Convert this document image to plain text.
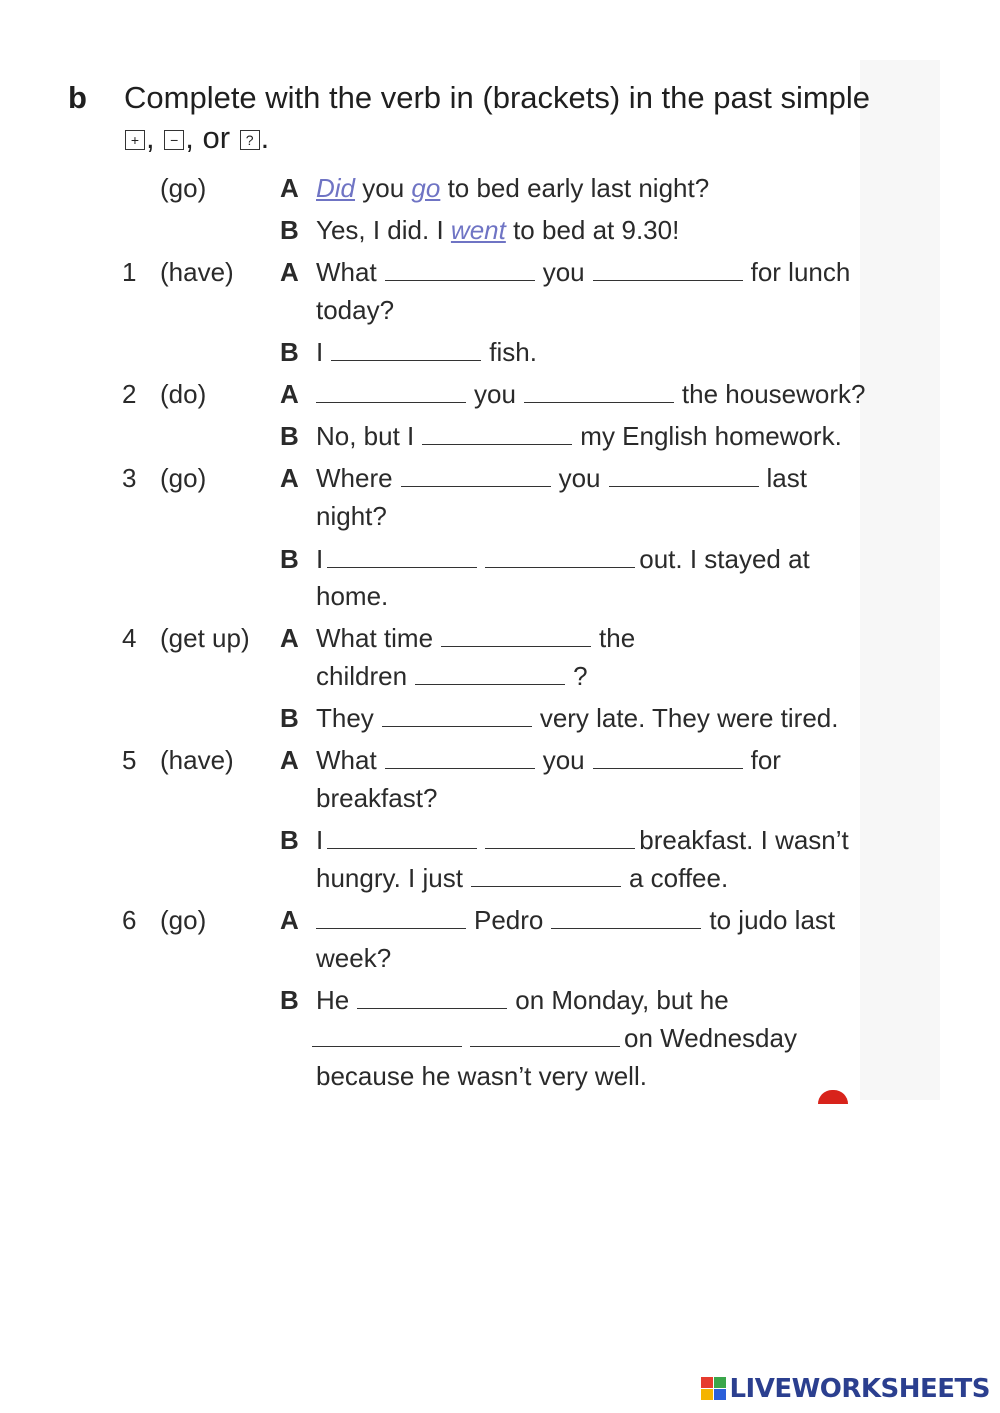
b Complete with the verb in (brackets) in the past simple
+ , − , or ? .
(go)	A Did you go to bed early last night?
B Yes, I did. I went to bed at 9.30!
1 (have) A What	you	for lunch
today?
B I	fish.
2 (do)	A	you	the housework?
B No, but I	my English homework.
3 (go)	A Where	you	last
night?
B I	out. I stayed at
home.
4 (get up) A What time	the
children	?
B They	very late. They were tired.
5 (have) A What	you	for
breakfast?
B I	breakfast. I wasn’t
hungry. I just	a coffee.
6 (go)	A	Pedro	to judo last
week?
B He	on Monday, but he
on Wednesday
because he wasn’t very well.
LIVEWORKSHEETS
